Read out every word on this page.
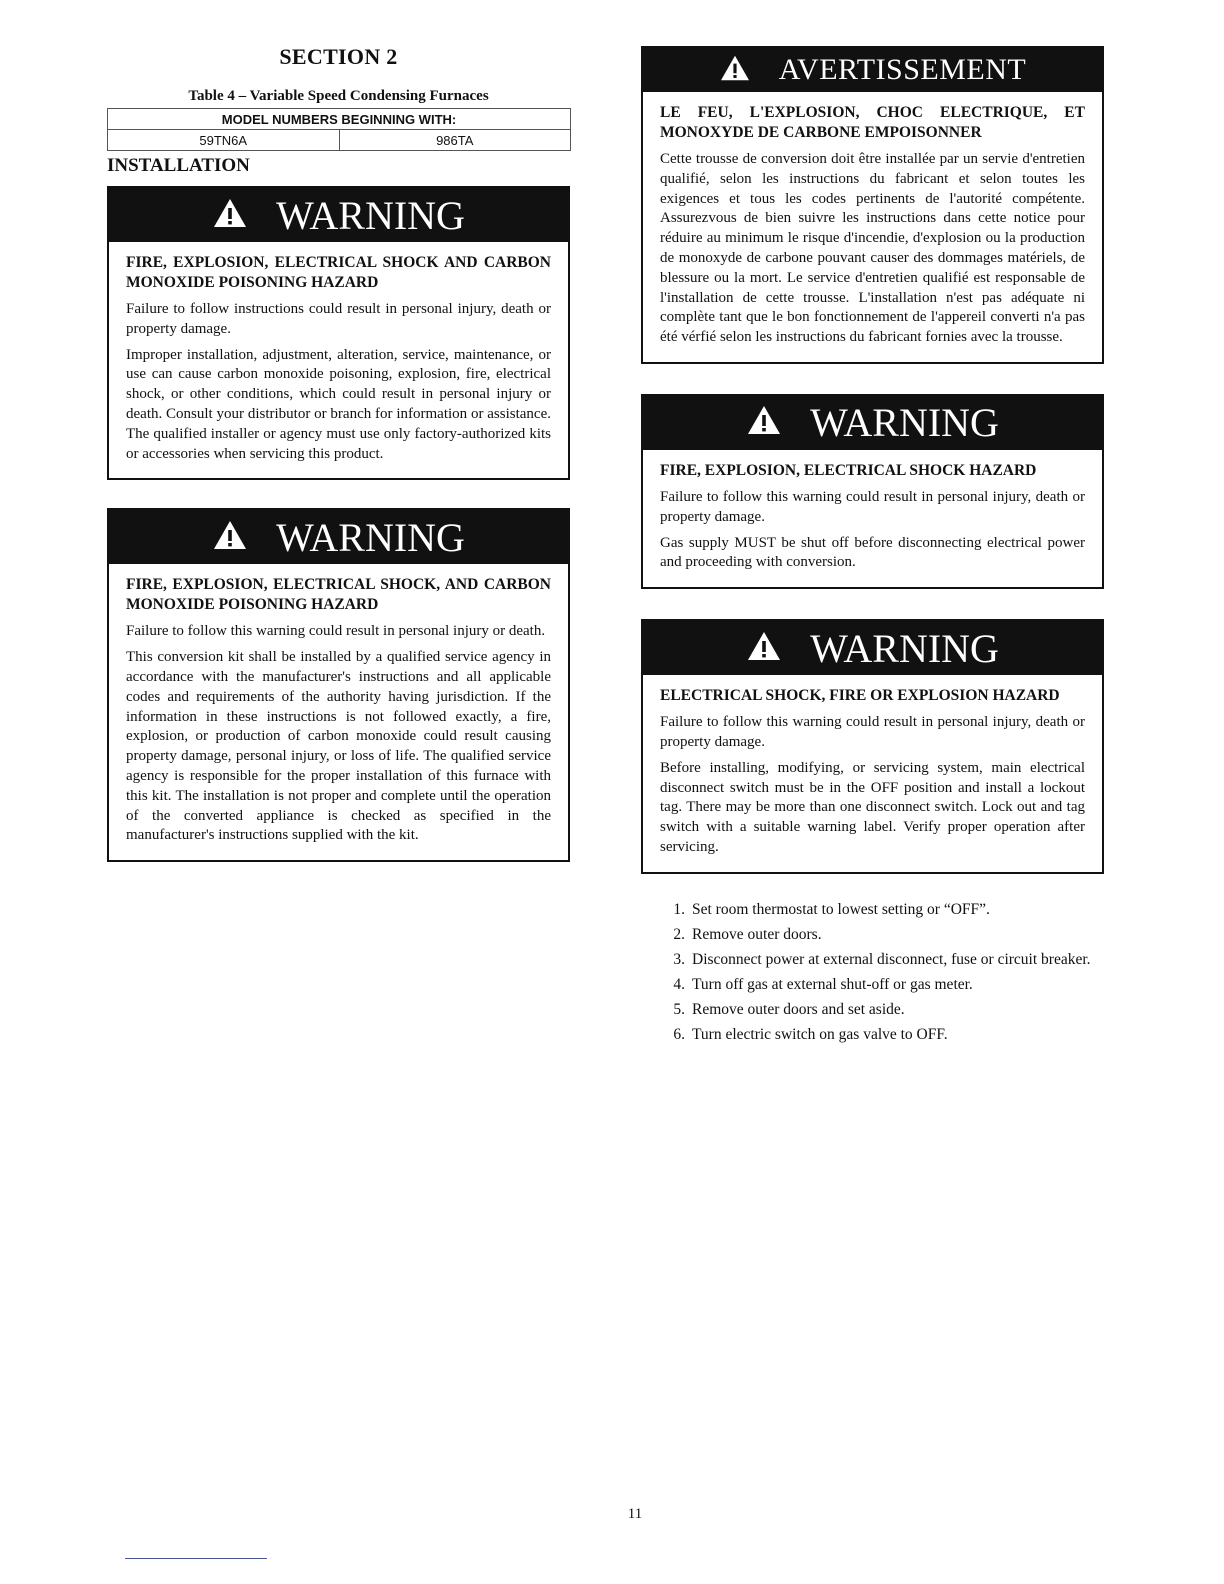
SECTION 2
Table 4 – Variable Speed Condensing Furnaces
MODEL NUMBERS BEGINNING WITH:
59TN6A	986TA
INSTALLATION
WARNING
FIRE, EXPLOSION, ELECTRICAL SHOCK AND CARBON MONOXIDE POISONING HAZARD
Failure to follow instructions could result in personal injury, death or property damage.
Improper installation, adjustment, alteration, service, maintenance, or use can cause carbon monoxide poisoning, explosion, fire, electrical shock, or other conditions, which could result in personal injury or death. Consult your distributor or branch for information or assistance. The qualified installer or agency must use only factory-authorized kits or accessories when servicing this product.
WARNING
FIRE, EXPLOSION, ELECTRICAL SHOCK, AND CARBON MONOXIDE POISONING HAZARD
Failure to follow this warning could result in personal injury or death.
This conversion kit shall be installed by a qualified service agency in accordance with the manufacturer's instructions and all applicable codes and requirements of the authority having jurisdiction. If the information in these instructions is not followed exactly, a fire, explosion, or production of carbon monoxide could result causing property damage, personal injury, or loss of life. The qualified service agency is responsible for the proper installation of this furnace with this kit. The installation is not proper and complete until the operation of the converted appliance is checked as specified in the manufacturer's instructions supplied with the kit.
AVERTISSEMENT
LE FEU, L'EXPLOSION, CHOC ELECTRIQUE, ET MONOXYDE DE CARBONE EMPOISONNER
Cette trousse de conversion doit être installée par un servie d'entretien qualifié, selon les instructions du fabricant et selon toutes les exigences et tous les codes pertinents de l'autorité compétente. Assurezvous de bien suivre les instructions dans cette notice pour réduire au minimum le risque d'incendie, d'explosion ou la production de monoxyde de carbone pouvant causer des dommages matériels, de blessure ou la mort. Le service d'entretien qualifié est responsable de l'installation de cette trousse. L'installation n'est pas adéquate ni complète tant que le bon fonctionnement de l'appereil converti n'a pas été vérfié selon les instructions du fabricant fornies avec la trousse.
WARNING
FIRE, EXPLOSION, ELECTRICAL SHOCK HAZARD
Failure to follow this warning could result in personal injury, death or property damage.
Gas supply MUST be shut off before disconnecting electrical power and proceeding with conversion.
WARNING
ELECTRICAL SHOCK, FIRE OR EXPLOSION HAZARD
Failure to follow this warning could result in personal injury, death or property damage.
Before installing, modifying, or servicing system, main electrical disconnect switch must be in the OFF position and install a lockout tag. There may be more than one disconnect switch. Lock out and tag switch with a suitable warning label. Verify proper operation after servicing.
1. Set room thermostat to lowest setting or “OFF”.
2. Remove outer doors.
3. Disconnect power at external disconnect, fuse or circuit breaker.
4. Turn off gas at external shut-off or gas meter.
5. Remove outer doors and set aside.
6. Turn electric switch on gas valve to OFF.
11
